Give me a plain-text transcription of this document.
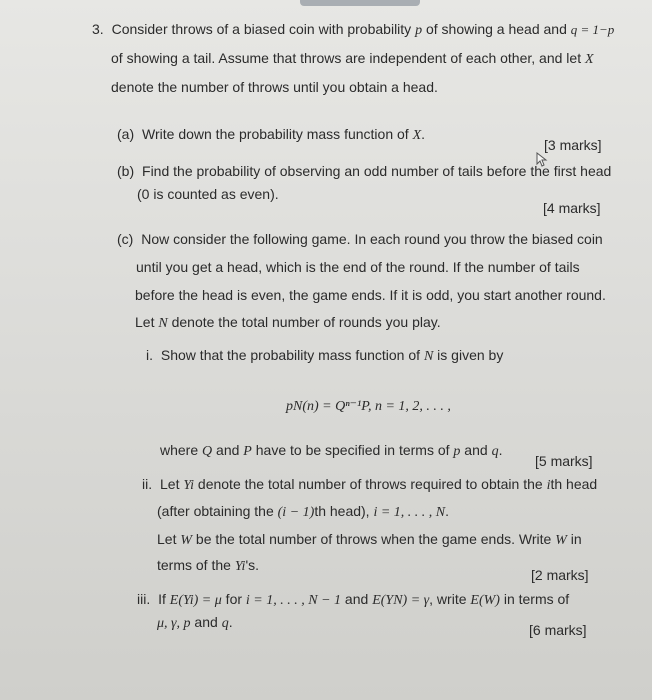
3. Consider throws of a biased coin with probability p of showing a head and q = 1−p
of showing a tail. Assume that throws are independent of each other, and let X
denote the number of throws until you obtain a head.
(a) Write down the probability mass function of X.
[3 marks]
(b) Find the probability of observing an odd number of tails before the first head
(0 is counted as even).
[4 marks]
(c) Now consider the following game. In each round you throw the biased coin
until you get a head, which is the end of the round. If the number of tails
before the head is even, the game ends. If it is odd, you start another round.
Let N denote the total number of rounds you play.
i. Show that the probability mass function of N is given by
pN(n) = Qⁿ⁻¹P, n = 1, 2, . . . ,
where Q and P have to be specified in terms of p and q.
[5 marks]
ii. Let Yi denote the total number of throws required to obtain the ith head
(after obtaining the (i − 1)th head), i = 1, . . . , N.
Let W be the total number of throws when the game ends. Write W in
terms of the Yi's.
[2 marks]
iii. If E(Yi) = μ for i = 1, . . . , N − 1 and E(YN) = γ, write E(W) in terms of
μ, γ, p and q.	[6 marks]
